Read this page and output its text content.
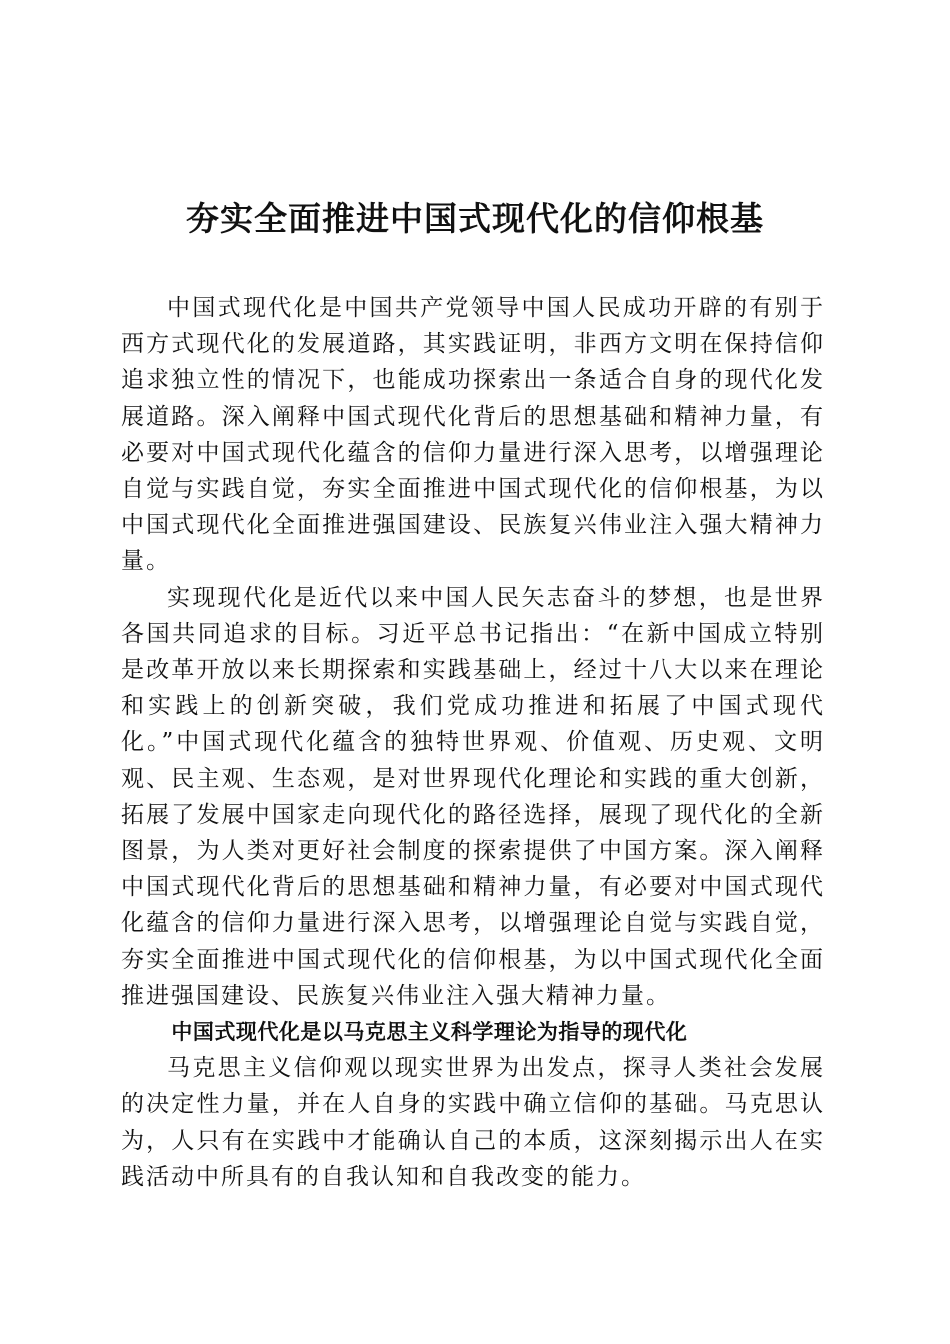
夯实全面推进中国式现代化的信仰根基

中国式现代化是中国共产党领导中国人民成功开辟的有别于西方式现代化的发展道路，其实践证明，非西方文明在保持信仰追求独立性的情况下，也能成功探索出一条适合自身的现代化发展道路。深入阐释中国式现代化背后的思想基础和精神力量，有必要对中国式现代化蕴含的信仰力量进行深入思考，以增强理论自觉与实践自觉，夯实全面推进中国式现代化的信仰根基，为以中国式现代化全面推进强国建设、民族复兴伟业注入强大精神力量。

实现现代化是近代以来中国人民矢志奋斗的梦想，也是世界各国共同追求的目标。习近平总书记指出：“在新中国成立特别是改革开放以来长期探索和实践基础上，经过十八大以来在理论和实践上的创新突破，我们党成功推进和拓展了中国式现代化。”中国式现代化蕴含的独特世界观、价值观、历史观、文明观、民主观、生态观，是对世界现代化理论和实践的重大创新，拓展了发展中国家走向现代化的路径选择，展现了现代化的全新图景，为人类对更好社会制度的探索提供了中国方案。深入阐释中国式现代化背后的思想基础和精神力量，有必要对中国式现代化蕴含的信仰力量进行深入思考，以增强理论自觉与实践自觉，夯实全面推进中国式现代化的信仰根基，为以中国式现代化全面推进强国建设、民族复兴伟业注入强大精神力量。

中国式现代化是以马克思主义科学理论为指导的现代化

马克思主义信仰观以现实世界为出发点，探寻人类社会发展的决定性力量，并在人自身的实践中确立信仰的基础。马克思认为，人只有在实践中才能确认自己的本质，这深刻揭示出人在实践活动中所具有的自我认知和自我改变的能力。
